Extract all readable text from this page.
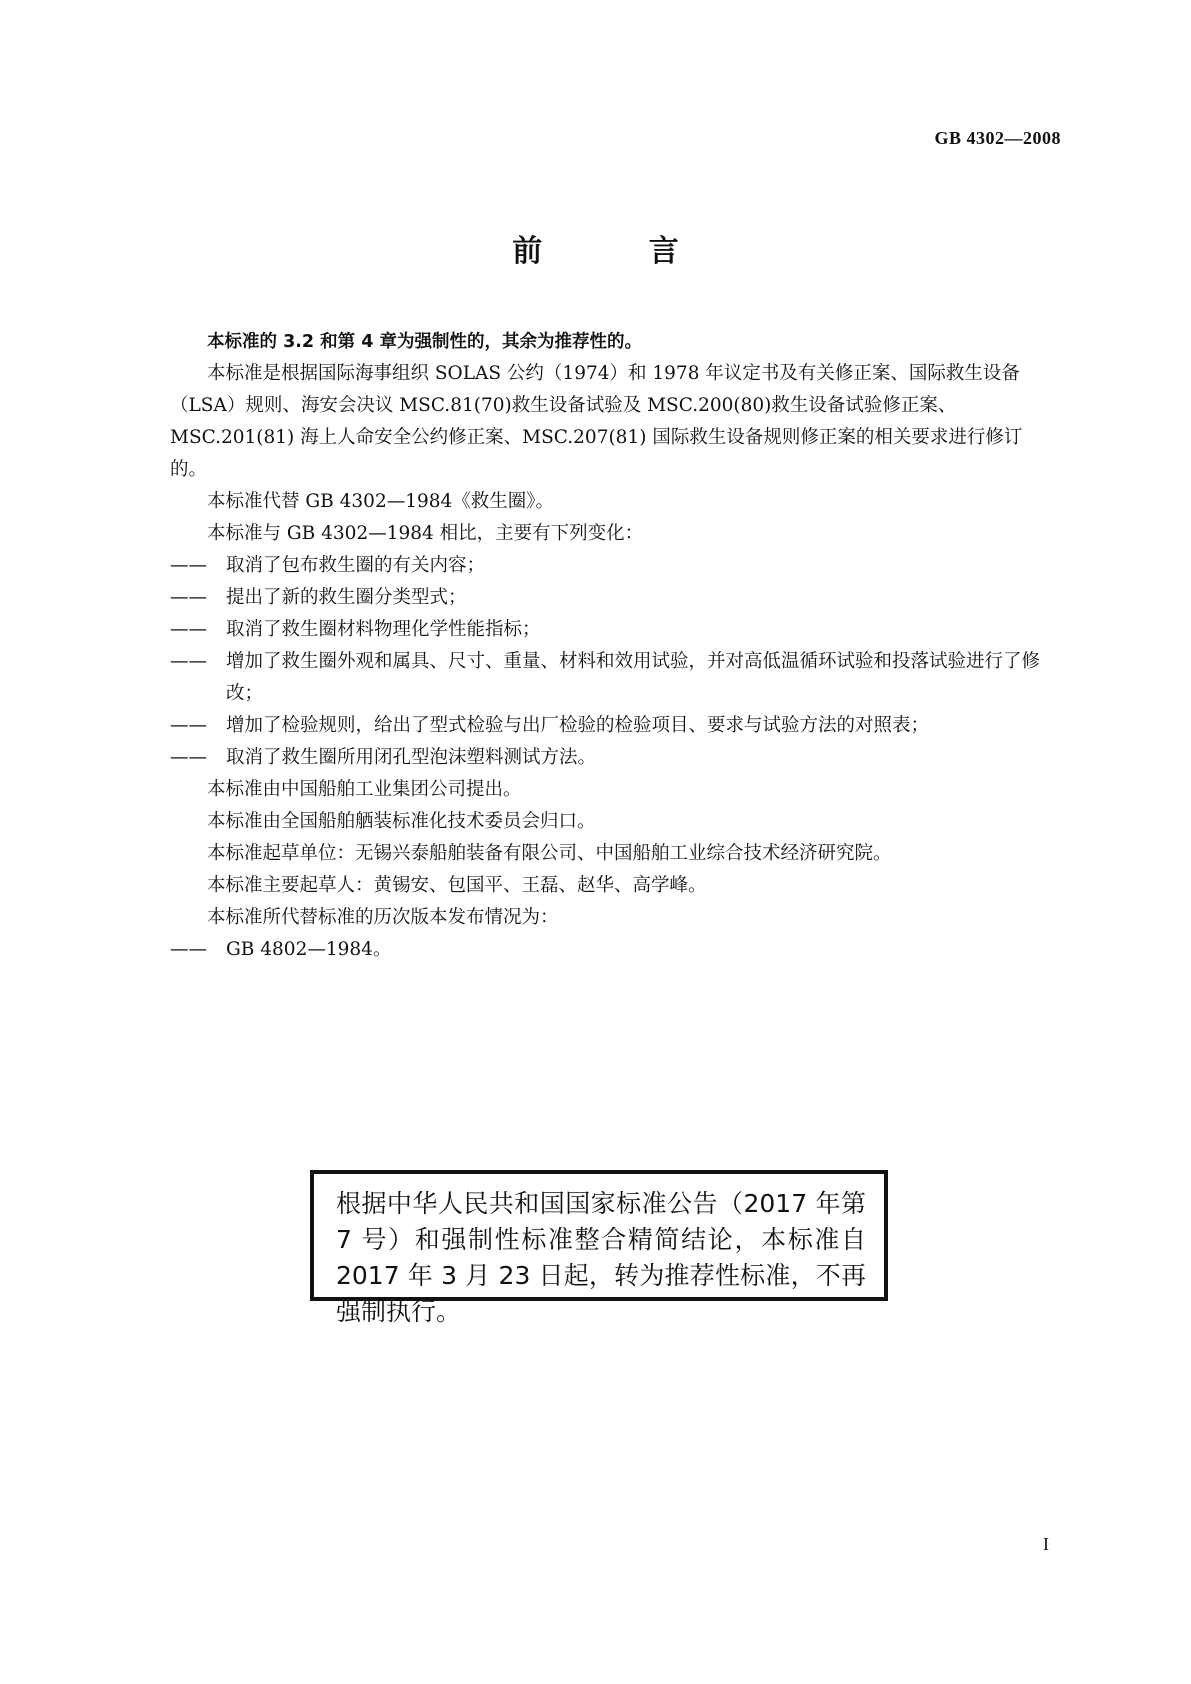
GB 4302—2008
前 言

本标准的 3.2 和第 4 章为强制性的，其余为推荐性的。

本标准是根据国际海事组织 SOLAS 公约（1974）和 1978 年议定书及有关修正案、国际救生设备（LSA）规则、海安会决议 MSC.81(70)救生设备试验及 MSC.200(80)救生设备试验修正案、MSC.201(81) 海上人命安全公约修正案、MSC.207(81) 国际救生设备规则修正案的相关要求进行修订的。

本标准代替 GB 4302—1984《救生圈》。

本标准与 GB 4302—1984 相比，主要有下列变化：

—— 取消了包布救生圈的有关内容；

—— 提出了新的救生圈分类型式；

—— 取消了救生圈材料物理化学性能指标；

—— 增加了救生圈外观和属具、尺寸、重量、材料和效用试验，并对高低温循环试验和投落试验进行了修改；

—— 增加了检验规则，给出了型式检验与出厂检验的检验项目、要求与试验方法的对照表；

—— 取消了救生圈所用闭孔型泡沫塑料测试方法。

本标准由中国船舶工业集团公司提出。

本标准由全国船舶舾装标准化技术委员会归口。

本标准起草单位：无锡兴泰船舶装备有限公司、中国船舶工业综合技术经济研究院。

本标准主要起草人：黄锡安、包国平、王磊、赵华、高学峰。

本标准所代替标准的历次版本发布情况为：

—— GB 4802—1984。

根据中华人民共和国国家标准公告（2017 年第 7 号）和强制性标准整合精简结论，本标准自 2017 年 3 月 23 日起，转为推荐性标准，不再强制执行。
I
